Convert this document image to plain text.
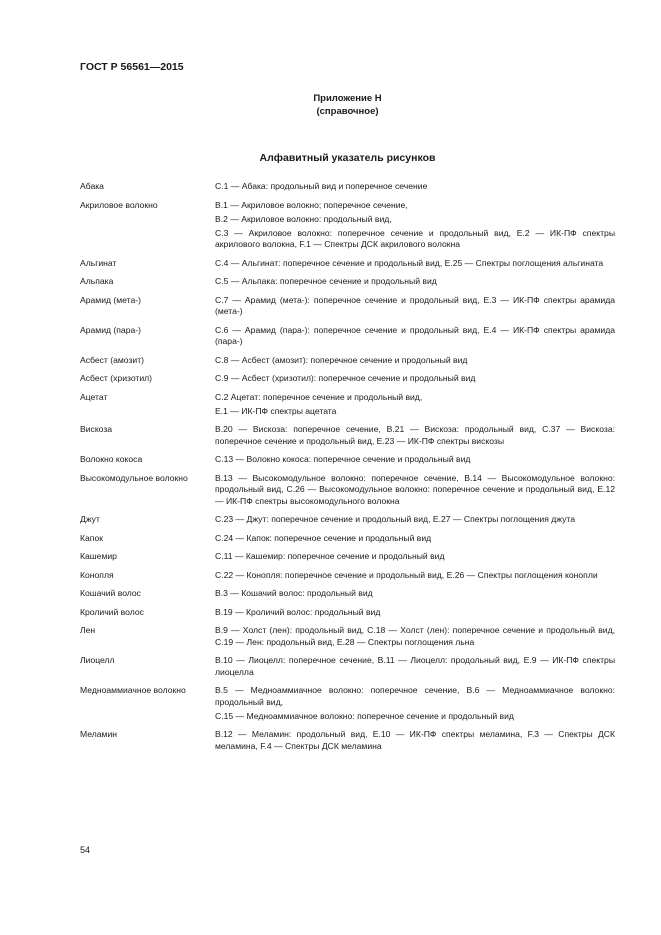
ГОСТ Р 56561—2015
Приложение Н
(справочное)
Алфавитный указатель рисунков
Абака	С.1 — Абака: продольный вид и поперечное сечение
Акриловое волокно	В.1 — Акриловое волокно; поперечное сечение,
В.2 — Акриловое волокно: продольный вид,
С.3 — Акриловое волокно: поперечное сечение и продольный вид, Е.2 — ИК-ПФ спектры акрилового волокна, F.1 — Спектры ДСК акрилового волокна
Альгинат	С.4 — Альгинат: поперечное сечение и продольный вид, Е.25 — Спектры поглощения альгината
Альпака	С.5 — Альпака: поперечное сечение и продольный вид
Арамид (мета-)	С.7 — Арамид (мета-): поперечное сечение и продольный вид, Е.3 — ИК-ПФ спектры арамида (мета-)
Арамид (пара-)	С.6 — Арамид (пара-): поперечное сечение и продольный вид, Е.4 — ИК-ПФ спектры арамида (пара-)
Асбест (амозит)	С.8 — Асбест (амозит): поперечное сечение и продольный вид
Асбест (хризотил)	С.9 — Асбест (хризотил): поперечное сечение и продольный вид
Ацетат	С.2 Ацетат: поперечное сечение и продольный вид,
Е.1 — ИК-ПФ спектры ацетата
Вискоза	В.20 — Вискоза: поперечное сечение, В.21 — Вискоза: продольный вид, С.37 — Вискоза: поперечное сечение и продольный вид, Е.23 — ИК-ПФ спектры вискозы
Волокно кокоса	С.13 — Волокно кокоса: поперечное сечение и продольный вид
Высокомодульное волокно	В.13 — Высокомодульное волокно: поперечное сечение, В.14 — Высокомодульное волокно: продольный вид, С.26 — Высокомодульное волокно: поперечное сечение и продольный вид, Е.12 — ИК-ПФ спектры высокомодульного волокна
Джут	С.23 — Джут: поперечное сечение и продольный вид, Е.27 — Спектры поглощения джута
Капок	С.24 — Капок: поперечное сечение и продольный вид
Кашемир	С.11 — Кашемир: поперечное сечение и продольный вид
Конопля	С.22 — Конопля: поперечное сечение и продольный вид, Е.26 — Спектры поглощения конопли
Кошачий волос	В.3 — Кошачий волос: продольный вид
Кроличий волос	В.19 — Кроличий волос: продольный вид
Лен	В.9 — Холст (лен): продольный вид, С.18 — Холст (лен): поперечное сечение и продольный вид, С.19 — Лен: продольный вид, Е.28 — Спектры поглощения льна
Лиоцелл	В.10 — Лиоцелл: поперечное сечение, В.11 — Лиоцелл: продольный вид, Е.9 — ИК-ПФ спектры лиоцелла
Медноаммиачное волокно	В.5 — Медноаммиачное волокно: поперечное сечение, В.6 — Медноаммиачное волокно: продольный вид,
С.15 — Медноаммиачное волокно: поперечное сечение и продольный вид
Меламин	В.12 — Меламин: продольный вид, Е.10 — ИК-ПФ спектры меламина, F.3 — Спектры ДСК меламина, F.4 — Спектры ДСК меламина
54
